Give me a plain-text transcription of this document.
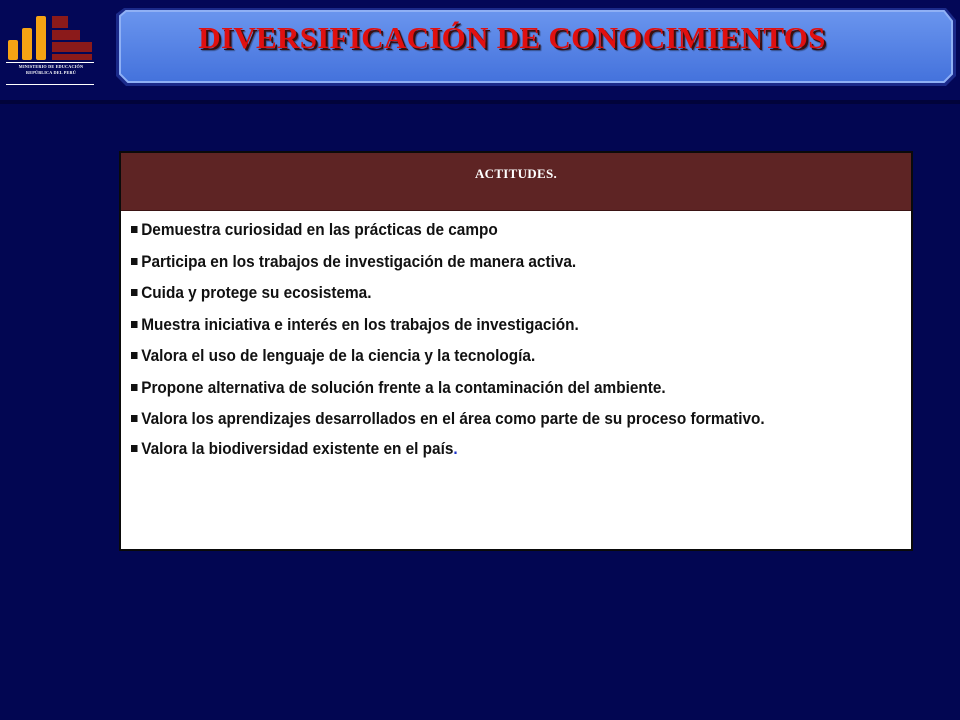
MINISTERIO DE EDUCACIÓN
REPÚBLICA DEL PERÚ
DIVERSIFICACIÓN DE CONOCIMIENTOS
ACTITUDES.
Demuestra curiosidad en las prácticas de campo
Participa en los trabajos de investigación de manera activa.
Cuida y protege su ecosistema.
Muestra iniciativa e interés en los trabajos de investigación.
Valora el uso de lenguaje de la ciencia y la tecnología.
Propone alternativa de solución frente a la contaminación del ambiente.
Valora los aprendizajes desarrollados en el área como parte de su proceso formativo.
Valora la biodiversidad existente en el país.
